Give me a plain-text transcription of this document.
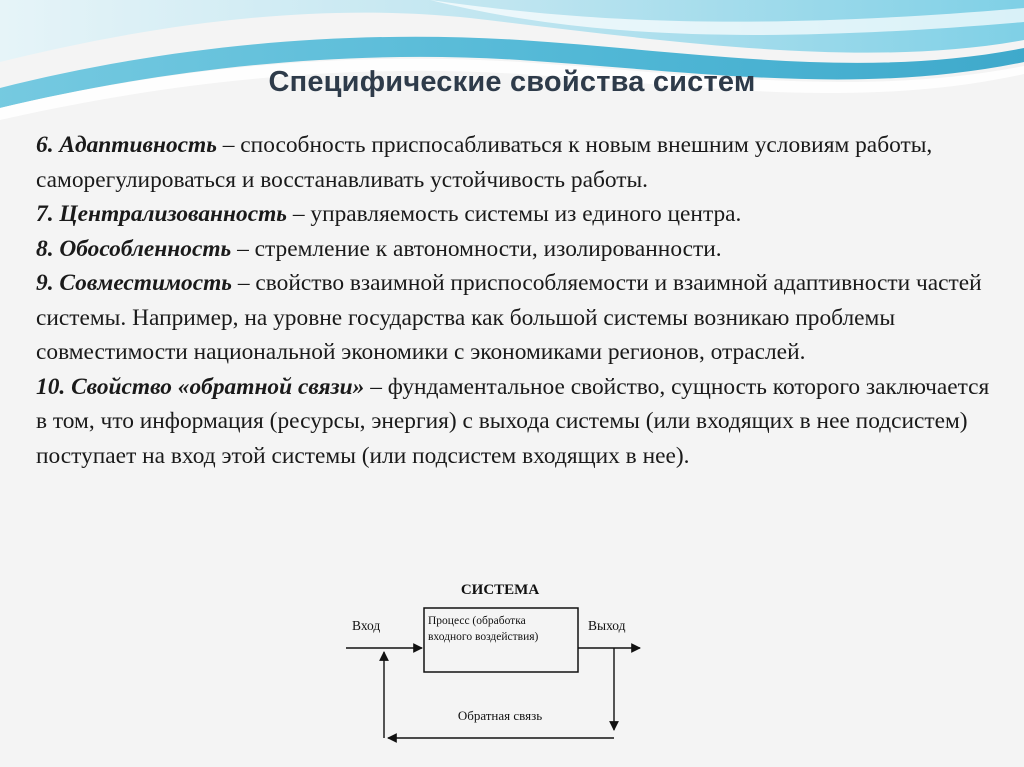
Специфические свойства систем

6. Адаптивность – способность приспосабливаться к новым внешним условиям работы, саморегулироваться и восстанавливать устойчивость работы.

7. Централизованность – управляемость системы из единого центра.

8. Обособленность – стремление к автономности, изолированности.

9. Совместимость – свойство взаимной приспособляемости и взаимной адаптивности частей системы. Например, на уровне государства как большой системы возникаю проблемы совместимости национальной экономики с экономиками регионов, отраслей.

10. Свойство «обратной связи» – фундаментальное свойство, сущность которого заключается в том, что информация (ресурсы, энергия) с выхода системы (или входящих в нее подсистем) поступает на вход этой системы (или подсистем входящих в нее).

СИСТЕМА
Процесс (обработка
входного воздействия)
Вход	Выход
Обратная связь
